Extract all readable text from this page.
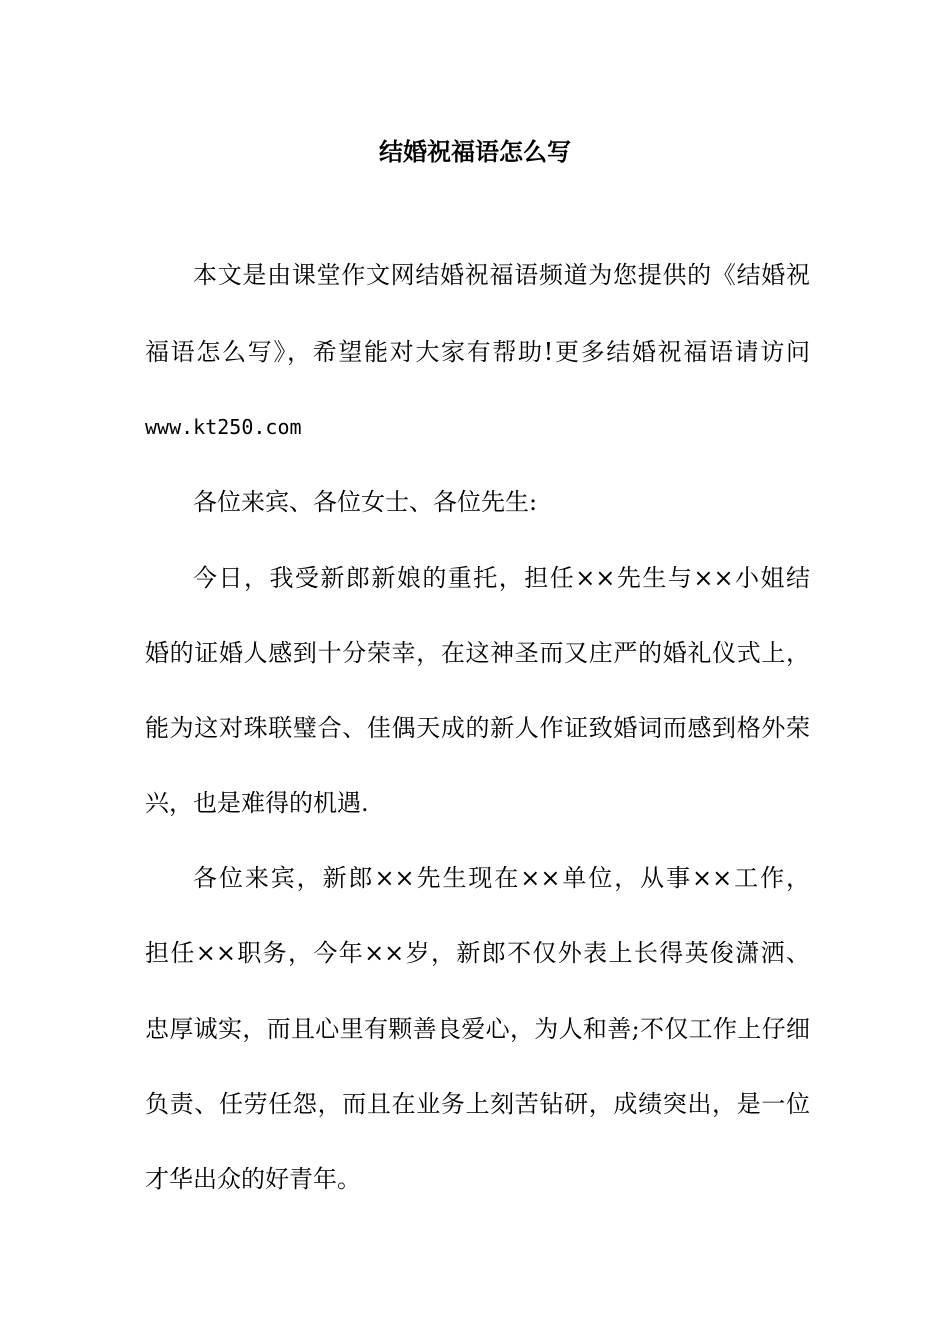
结婚祝福语怎么写
本文是由课堂作文网结婚祝福语频道为您提供的《结婚祝
福语怎么写》，希望能对大家有帮助!更多结婚祝福语请访问
www.kt250.com
各位来宾、各位女士、各位先生:
今日，我受新郎新娘的重托，担任××先生与××小姐结
婚的证婚人感到十分荣幸，在这神圣而又庄严的婚礼仪式上，
能为这对珠联璧合、佳偶天成的新人作证致婚词而感到格外荣
兴，也是难得的机遇.
各位来宾，新郎××先生现在××单位，从事××工作，
担任××职务，今年××岁，新郎不仅外表上长得英俊潇洒、
忠厚诚实，而且心里有颗善良爱心，为人和善;不仅工作上仔细
负责、任劳任怨，而且在业务上刻苦钻研，成绩突出，是一位
才华出众的好青年。
